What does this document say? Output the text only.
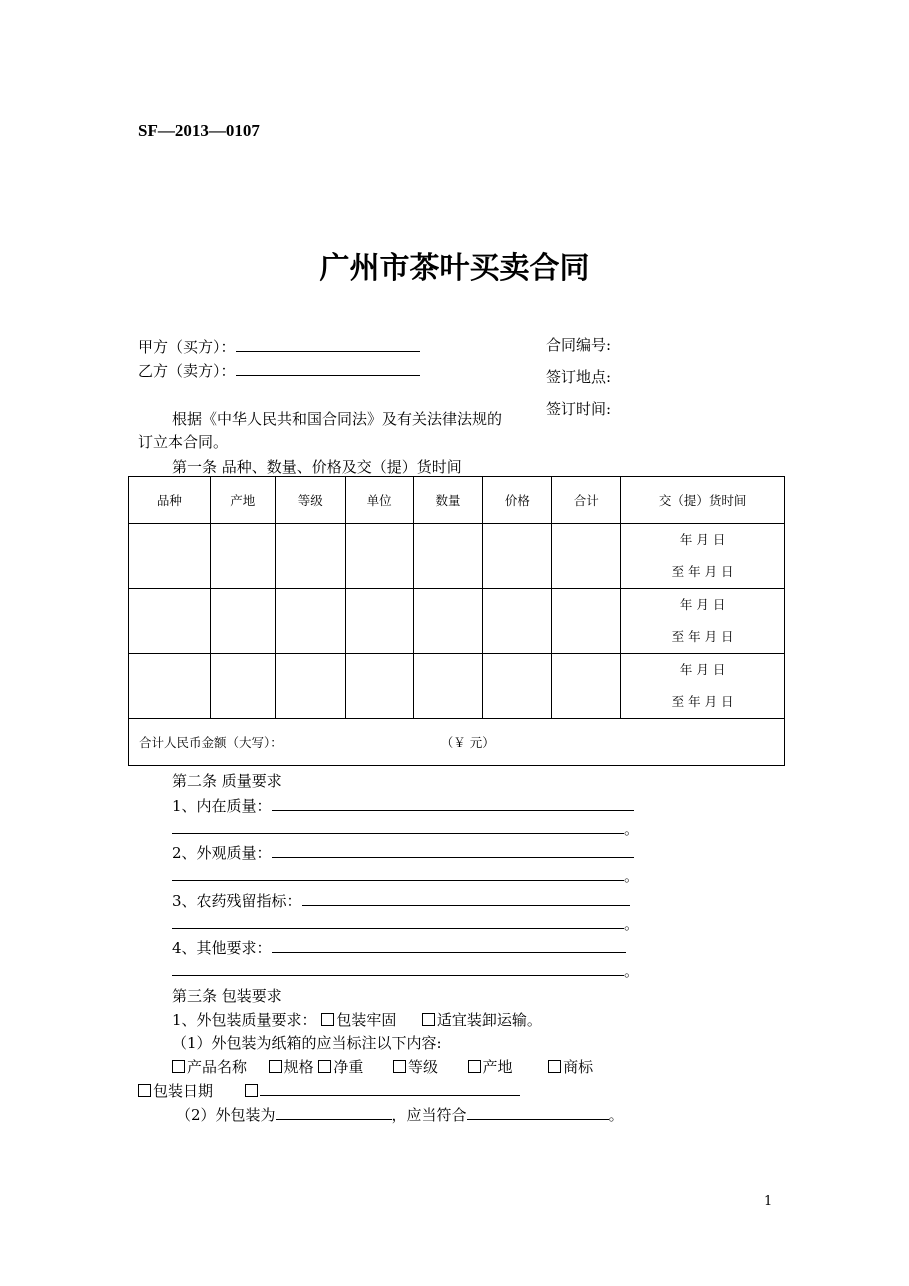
SF—2013—0107
广州市茶叶买卖合同
甲方（买方）：
乙方（卖方）：
合同编号:
签订地点:
签订时间:
根据《中华人民共和国合同法》及有关法律法规的
订立本合同。
第一条 品种、数量、价格及交（提）货时间
品种	产地	等级	单位	数量	价格	合计	交（提）货时间

							年 月 日
至 年 月 日

							年 月 日
至 年 月 日

							年 月 日
至 年 月 日

合计人民币金额（大写）： （￥ 元）							
第二条 质量要求
1、内在质量：
。
2、外观质量：
。
3、农药残留指标：
。
4、其他要求：
。
第三条 包装要求
1、外包装质量要求： 包装牢固	适宜装卸运输。
（1）外包装为纸箱的应当标注以下内容:
产品名称 规格 净重	等级	产地	商标
包装日期
（2）外包装为	，应当符合	。
1
